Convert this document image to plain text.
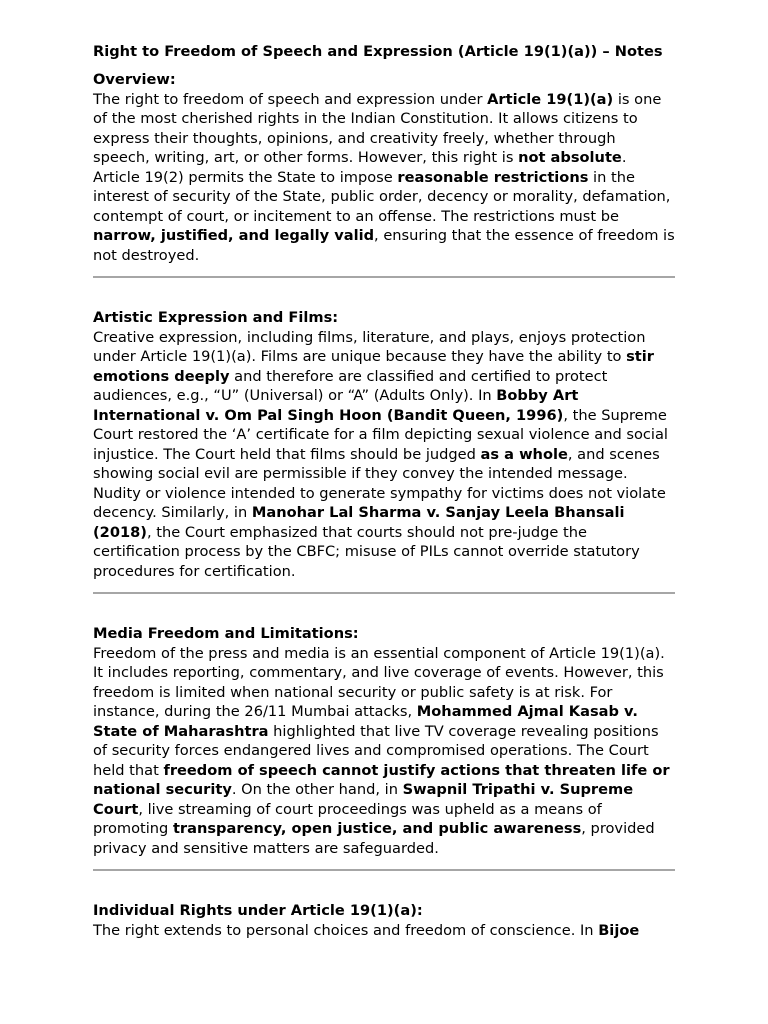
Right to Freedom of Speech and Expression (Article 19(1)(a)) – Notes
Overview:

The right to freedom of speech and expression under Article 19(1)(a) is one of the most cherished rights in the Indian Constitution. It allows citizens to express their thoughts, opinions, and creativity freely, whether through speech, writing, art, or other forms. However, this right is not absolute. Article 19(2) permits the State to impose reasonable restrictions in the interest of security of the State, public order, decency or morality, defamation, contempt of court, or incitement to an offense. The restrictions must be narrow, justified, and legally valid, ensuring that the essence of freedom is not destroyed.

Artistic Expression and Films:

Creative expression, including films, literature, and plays, enjoys protection under Article 19(1)(a). Films are unique because they have the ability to stir emotions deeply and therefore are classified and certified to protect audiences, e.g., “U” (Universal) or “A” (Adults Only). In Bobby Art International v. Om Pal Singh Hoon (Bandit Queen, 1996), the Supreme Court restored the ‘A’ certificate for a film depicting sexual violence and social injustice. The Court held that films should be judged as a whole, and scenes showing social evil are permissible if they convey the intended message. Nudity or violence intended to generate sympathy for victims does not violate decency. Similarly, in Manohar Lal Sharma v. Sanjay Leela Bhansali (2018), the Court emphasized that courts should not pre-judge the certification process by the CBFC; misuse of PILs cannot override statutory procedures for certification.

Media Freedom and Limitations:

Freedom of the press and media is an essential component of Article 19(1)(a). It includes reporting, commentary, and live coverage of events. However, this freedom is limited when national security or public safety is at risk. For instance, during the 26/11 Mumbai attacks, Mohammed Ajmal Kasab v. State of Maharashtra highlighted that live TV coverage revealing positions of security forces endangered lives and compromised operations. The Court held that freedom of speech cannot justify actions that threaten life or national security. On the other hand, in Swapnil Tripathi v. Supreme Court, live streaming of court proceedings was upheld as a means of promoting transparency, open justice, and public awareness, provided privacy and sensitive matters are safeguarded.

Individual Rights under Article 19(1)(a):

The right extends to personal choices and freedom of conscience. In Bijoe
